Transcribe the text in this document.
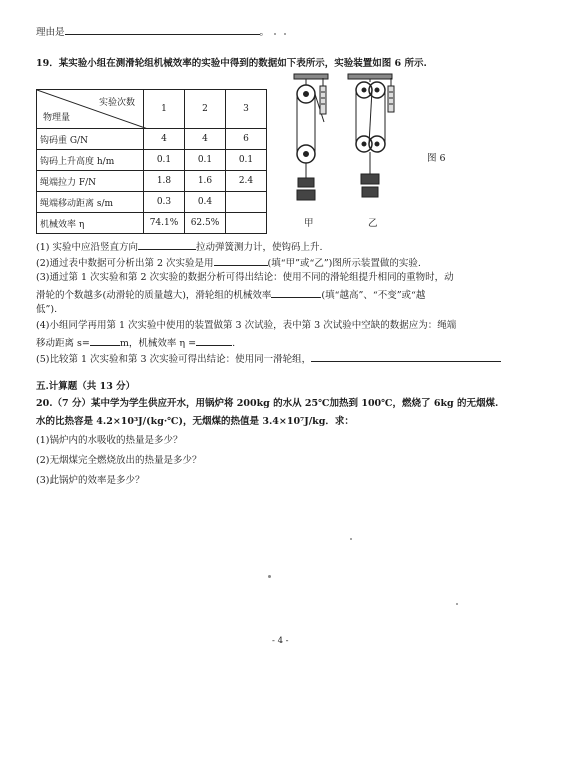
理由是	。
19．某实验小组在测滑轮组机械效率的实验中得到的数据如下表所示，实验装置如图 6 所示.
实验次数
物理量	1	2	3
钩码重 G/N	4	4	6
钩码上升高度 h/m	0.1	0.1	0.1
绳端拉力 F/N	1.8	1.6	2.4
绳端移动距离 s/m	0.3	0.4	
机械效率 η	74.1%	62.5%		甲	乙
图 6
(1) 实验中应沿竖直方向	拉动弹簧测力计，使钩码上升.
(2)通过表中数据可分析出第 2 次实验是用	(填“甲”或“乙”)图所示装置做的实验.
(3)通过第 1 次实验和第 2 次实验的数据分析可得出结论：使用不同的滑轮组提升相同的重物时，动
滑轮的个数越多(动滑轮的质量越大)，滑轮组的机械效率	(填“越高”、“不变”或“越
低”).
(4)小组同学再用第 1 次实验中使用的装置做第 3 次试验，表中第 3 次试验中空缺的数据应为：绳端
移动距离 s=	m，机械效率 η =	.
(5)比较第 1 次实验和第 3 次实验可得出结论：使用同一滑轮组，
五.计算题（共 13 分）
20.（7 分）某中学为学生供应开水，用锅炉将 200kg 的水从 25℃加热到 100℃，燃烧了 6kg 的无烟煤.
水的比热容是 4.2×10³J/(kg·℃)，无烟煤的热值是 3.4×10⁷J/kg．求：
(1)锅炉内的水吸收的热量是多少？
(2)无烟煤完全燃烧放出的热量是多少？
(3)此锅炉的效率是多少？
- 4 -
